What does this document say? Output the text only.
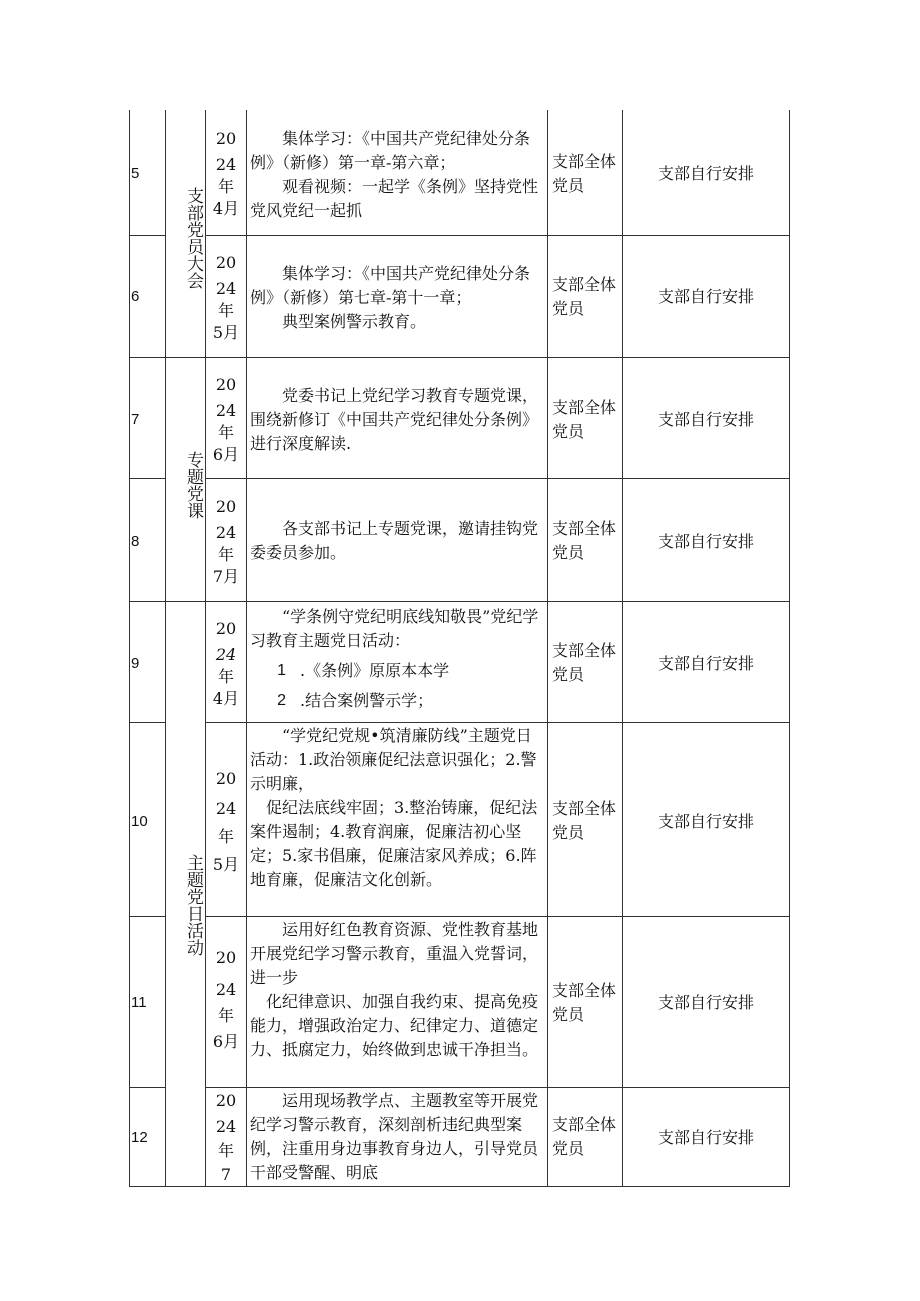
支部党员大会
专题党课
主题党日活动
5
20
24
年
4月

集体学习：《中国共产党纪律处分条例》（新修）第一章-第六章；

观看视频：一起学《条例》坚持党性党风党纪一起抓

支部全体党员
支部自行安排
6
20
24
年
5月

集体学习：《中国共产党纪律处分条例》（新修）第七章-第十一章；

典型案例警示教育。

支部全体党员
支部自行安排
7
20
24
年
6月

党委书记上党纪学习教育专题党课，围绕新修订《中国共产党纪律处分条例》进行深度解读.

支部全体党员
支部自行安排
8
20
24
年
7月

各支部书记上专题党课，邀请挂钩党委委员参加。

支部全体党员
支部自行安排
9
20
24
年
4月

“学条例守党纪明底线知敬畏”党纪学习教育主题党日活动：

1 .《条例》原原本本学
2 .结合案例警示学；
支部全体党员
支部自行安排
10
20
24
年
5月

“学党纪党规•筑清廉防线”主题党日活动：1.政治领廉促纪法意识强化；2.警示明廉，

促纪法底线牢固；3.整治铸廉，促纪法案件遏制；4.教育润廉，促廉洁初心坚定；5.家书倡廉，促廉洁家风养成；6.阵地育廉，促廉洁文化创新。

支部全体党员
支部自行安排
11
20
24
年
6月

运用好红色教育资源、党性教育基地开展党纪学习警示教育，重温入党誓词，进一步

化纪律意识、加强自我约束、提高免疫能力，增强政治定力、纪律定力、道德定力、抵腐定力，始终做到忠诚干净担当。

支部全体党员
支部自行安排
12
20
24
年
7

运用现场教学点、主题教室等开展党纪学习警示教育，深刻剖析违纪典型案例，注重用身边事教育身边人，引导党员干部受警醒、明底

支部全体党员
支部自行安排
